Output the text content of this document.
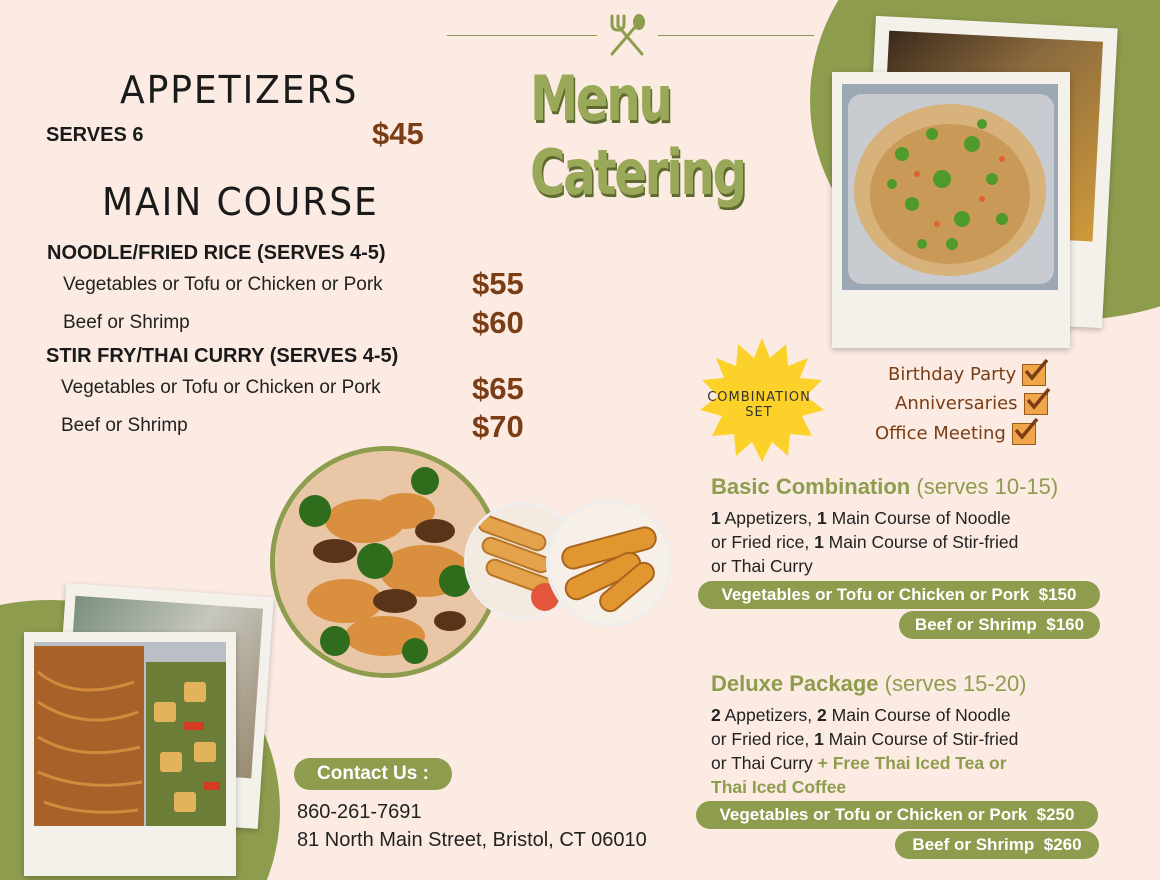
Menu
Catering
APPETIZERS
SERVES 6	$45
MAIN COURSE
NOODLE/FRIED RICE (SERVES 4-5)
Vegetables or Tofu or Chicken or Pork	$55
Beef or Shrimp	$60
STIR FRY/THAI CURRY (SERVES 4-5)
Vegetables or Tofu or Chicken or Pork	$65
Beef or Shrimp	$70
COMBINATION
SET
Birthday Party
Anniversaries
Office Meeting
Basic Combination (serves 10-15)
1 Appetizers, 1 Main Course of Noodle
or Fried rice, 1 Main Course of Stir-fried
or Thai Curry
Vegetables or Tofu or Chicken or Pork $150
Beef or Shrimp $160
Deluxe Package (serves 15-20)
2 Appetizers, 2 Main Course of Noodle
or Fried rice, 1 Main Course of Stir-fried
or Thai Curry + Free Thai Iced Tea or
Thai Iced Coffee
Vegetables or Tofu or Chicken or Pork $250
Beef or Shrimp $260
Contact Us :
860-261-7691
81 North Main Street, Bristol, CT 06010
